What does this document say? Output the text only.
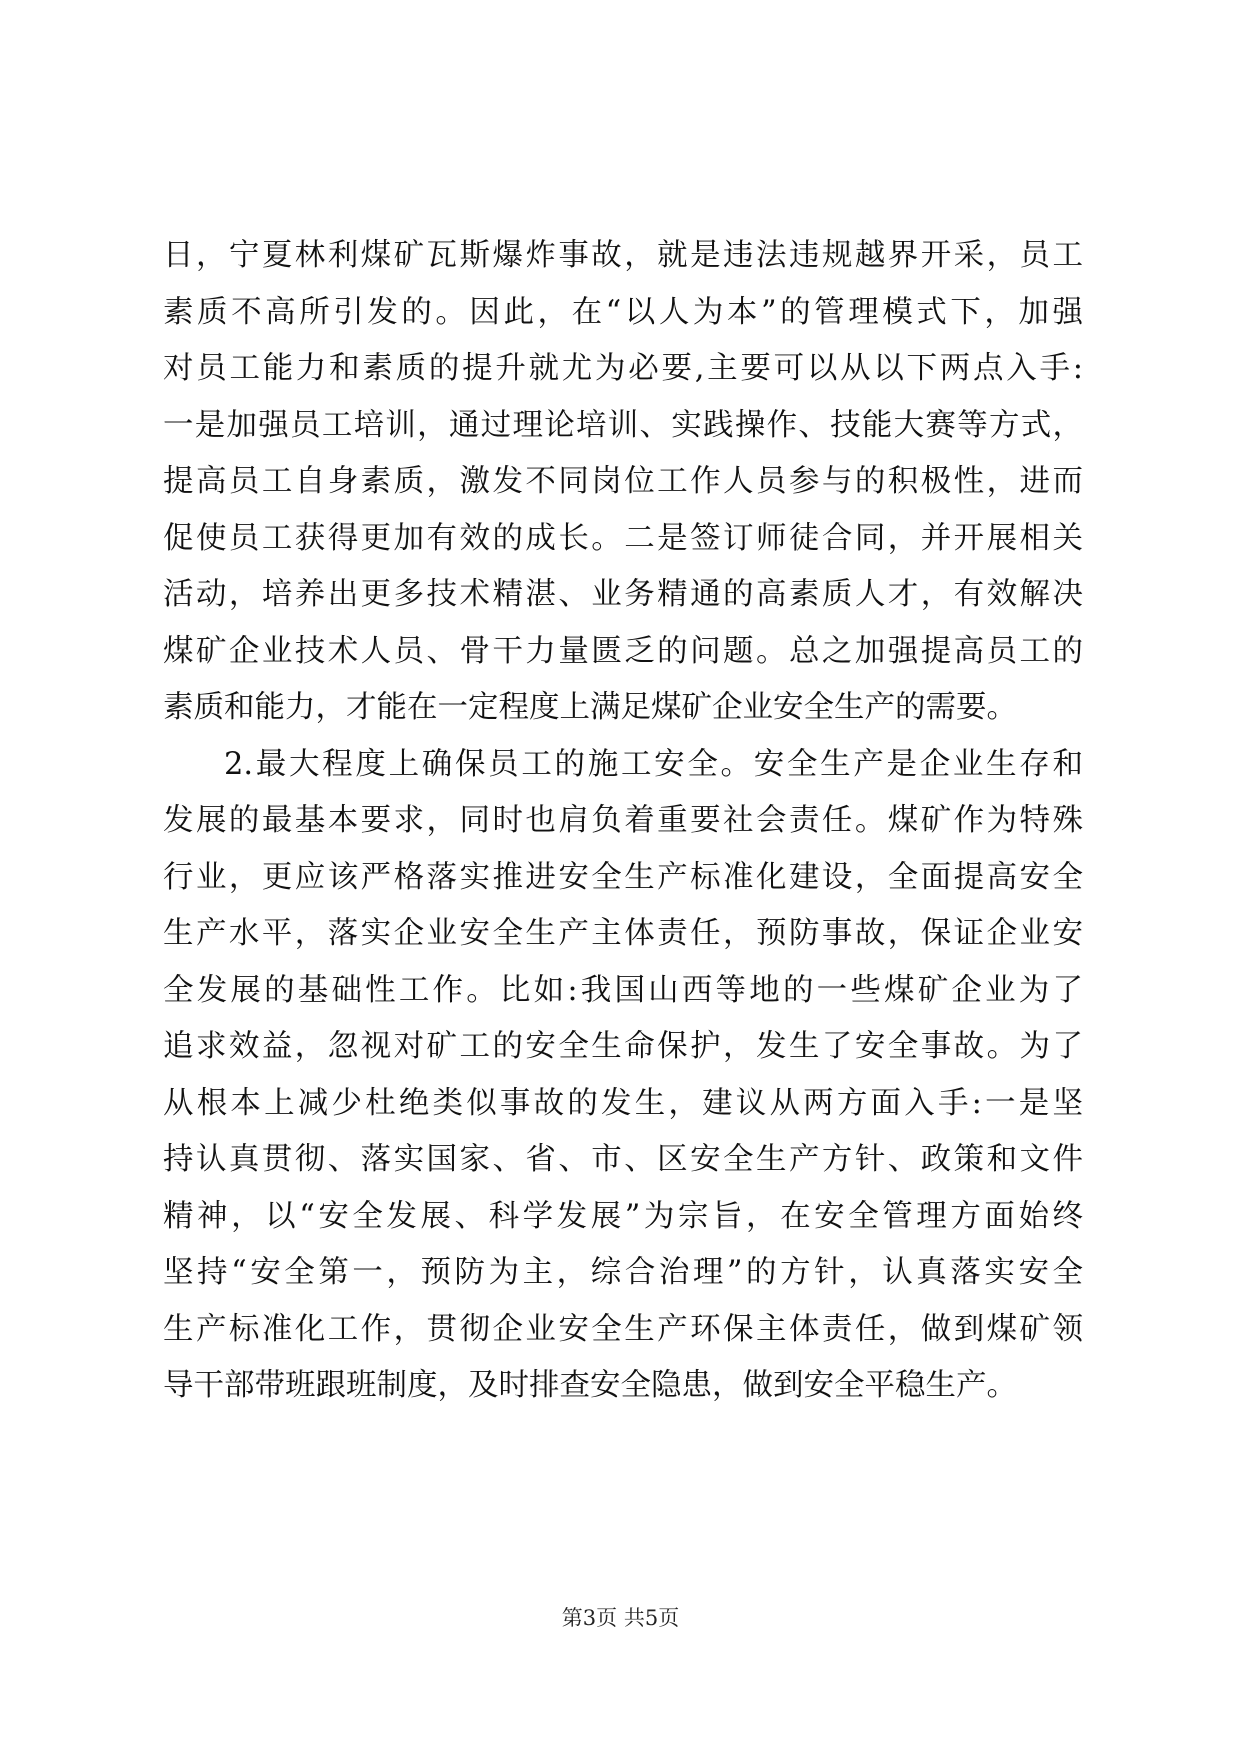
日，宁夏林利煤矿瓦斯爆炸事故，就是违法违规越界开采，员工
素质不高所引发的。因此，在“以人为本”的管理模式下，加强
对员工能力和素质的提升就尤为必要,主要可以从以下两点入手:
一是加强员工培训，通过理论培训、实践操作、技能大赛等方式，
提高员工自身素质，激发不同岗位工作人员参与的积极性，进而
促使员工获得更加有效的成长。二是签订师徒合同，并开展相关
活动，培养出更多技术精湛、业务精通的高素质人才，有效解决
煤矿企业技术人员、骨干力量匮乏的问题。总之加强提高员工的
素质和能力，才能在一定程度上满足煤矿企业安全生产的需要。
2.最大程度上确保员工的施工安全。安全生产是企业生存和
发展的最基本要求，同时也肩负着重要社会责任。煤矿作为特殊
行业，更应该严格落实推进安全生产标准化建设，全面提高安全
生产水平，落实企业安全生产主体责任，预防事故，保证企业安
全发展的基础性工作。比如:我国山西等地的一些煤矿企业为了
追求效益，忽视对矿工的安全生命保护，发生了安全事故。为了
从根本上减少杜绝类似事故的发生，建议从两方面入手:一是坚
持认真贯彻、落实国家、省、市、区安全生产方针、政策和文件
精神，以“安全发展、科学发展”为宗旨，在安全管理方面始终
坚持“安全第一，预防为主，综合治理”的方针，认真落实安全
生产标准化工作，贯彻企业安全生产环保主体责任，做到煤矿领
导干部带班跟班制度，及时排查安全隐患，做到安全平稳生产。
第3页 共5页
